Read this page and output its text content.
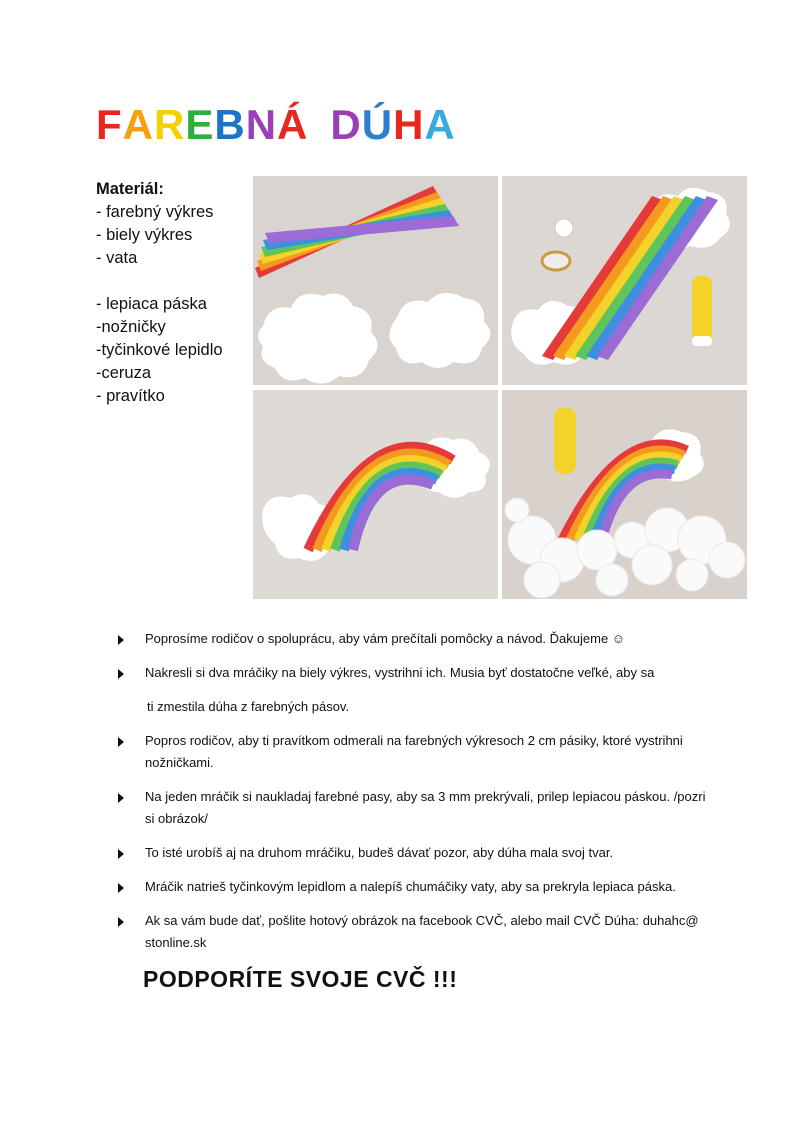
FAREBNÁ DÚHA
Materiál:
- farebný výkres
- biely výkres
- vata
- lepiaca páska
-nožničky
-tyčinkové lepidlo
-ceruza
- pravítko
Poprosíme rodičov o spoluprácu, aby vám prečítali pomôcky a návod. Ďakujeme ☺
Nakresli si dva mráčiky na biely výkres, vystrihni ich. Musia byť dostatočne veľké, aby sa
ti zmestila dúha z farebných pásov.
Popros rodičov, aby ti pravítkom odmerali na farebných výkresoch 2 cm pásiky, ktoré vystrihni nožničkami.
Na jeden mráčik si naukladaj farebné pasy, aby sa 3 mm prekrývali, prilep lepiacou páskou. /pozri si obrázok/
To isté urobíš aj na druhom mráčiku, budeš dávať pozor, aby dúha mala svoj tvar.
Mráčik natrieš tyčinkovým lepidlom a nalepíš chumáčiky vaty, aby sa prekryla lepiaca páska.
Ak sa vám bude dať, pošlite hotový obrázok na facebook CVČ, alebo mail CVČ Dúha: duhahc@ stonline.sk
PODPORÍTE SVOJE CVČ !!!
